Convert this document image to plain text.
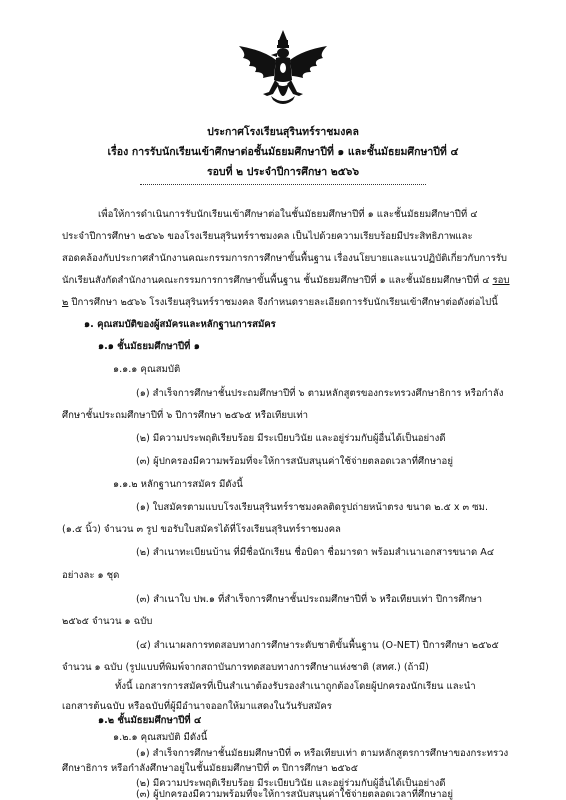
ประกาศโรงเรียนสุรินทร์ราชมงคล
เรื่อง การรับนักเรียนเข้าศึกษาต่อชั้นมัธยมศึกษาปีที่ ๑ และชั้นมัธยมศึกษาปีที่ ๔
รอบที่ ๒ ประจำปีการศึกษา ๒๕๖๖
เพื่อให้การดำเนินการรับนักเรียนเข้าศึกษาต่อในชั้นมัธยมศึกษาปีที่ ๑ และชั้นมัธยมศึกษาปีที่ ๔
ประจำปีการศึกษา ๒๕๖๖ ของโรงเรียนสุรินทร์ราชมงคล เป็นไปด้วยความเรียบร้อยมีประสิทธิภาพและ
สอดคล้องกับประกาศสำนักงานคณะกรรมการการศึกษาขั้นพื้นฐาน เรื่องนโยบายและแนวปฏิบัติเกี่ยวกับการรับ
นักเรียนสังกัดสำนักงานคณะกรรมการการศึกษาขั้นพื้นฐาน ชั้นมัธยมศึกษาปีที่ ๑ และชั้นมัธยมศึกษาปีที่ ๔ รอบ
๒ ปีการศึกษา ๒๕๖๖ โรงเรียนสุรินทร์ราชมงคล จึงกำหนดรายละเอียดการรับนักเรียนเข้าศึกษาต่อดังต่อไปนี้
๑. คุณสมบัติของผู้สมัครและหลักฐานการสมัคร
๑.๑ ชั้นมัธยมศึกษาปีที่ ๑
๑.๑.๑ คุณสมบัติ
(๑) สำเร็จการศึกษาชั้นประถมศึกษาปีที่ ๖ ตามหลักสูตรของกระทรวงศึกษาธิการ หรือกำลัง
ศึกษาชั้นประถมศึกษาปีที่ ๖ ปีการศึกษา ๒๕๖๕ หรือเทียบเท่า
(๒) มีความประพฤติเรียบร้อย มีระเบียบวินัย และอยู่ร่วมกับผู้อื่นได้เป็นอย่างดี
(๓) ผู้ปกครองมีความพร้อมที่จะให้การสนับสนุนค่าใช้จ่ายตลอดเวลาที่ศึกษาอยู่
๑.๑.๒ หลักฐานการสมัคร มีดังนี้
(๑) ใบสมัครตามแบบโรงเรียนสุรินทร์ราชมงคลติดรูปถ่ายหน้าตรง ขนาด ๒.๕ x ๓ ซม.
(๑.๕ นิ้ว) จำนวน ๓ รูป ขอรับใบสมัครได้ที่โรงเรียนสุรินทร์ราชมงคล
(๒) สำเนาทะเบียนบ้าน ที่มีชื่อนักเรียน ชื่อบิดา ชื่อมารดา พร้อมสำเนาเอกสารขนาด A๔
อย่างละ ๑ ชุด
(๓) สำเนาใบ ปพ.๑ ที่สำเร็จการศึกษาชั้นประถมศึกษาปีที่ ๖ หรือเทียบเท่า ปีการศึกษา
๒๕๖๕ จำนวน ๑ ฉบับ
(๔) สำเนาผลการทดสอบทางการศึกษาระดับชาติขั้นพื้นฐาน (O-NET) ปีการศึกษา ๒๕๖๕
จำนวน ๑ ฉบับ (รูปแบบที่พิมพ์จากสถาบันการทดสอบทางการศึกษาแห่งชาติ (สทศ.) (ถ้ามี)
ทั้งนี้ เอกสารการสมัครที่เป็นสำเนาต้องรับรองสำเนาถูกต้องโดยผู้ปกครองนักเรียน และนำ
เอกสารต้นฉบับ หรือฉบับที่ผู้มีอำนาจออกให้มาแสดงในวันรับสมัคร
๑.๒ ชั้นมัธยมศึกษาปีที่ ๔
๑.๒.๑ คุณสมบัติ มีดังนี้
(๑) สำเร็จการศึกษาชั้นมัธยมศึกษาปีที่ ๓ หรือเทียบเท่า ตามหลักสูตรการศึกษาของกระทรวง
ศึกษาธิการ หรือกำลังศึกษาอยู่ในชั้นมัธยมศึกษาปีที่ ๓ ปีการศึกษา ๒๕๖๕
(๒) มีความประพฤติเรียบร้อย มีระเบียบวินัย และอยู่ร่วมกับผู้อื่นได้เป็นอย่างดี
(๓) ผู้ปกครองมีความพร้อมที่จะให้การสนับสนุนค่าใช้จ่ายตลอดเวลาที่ศึกษาอยู่
